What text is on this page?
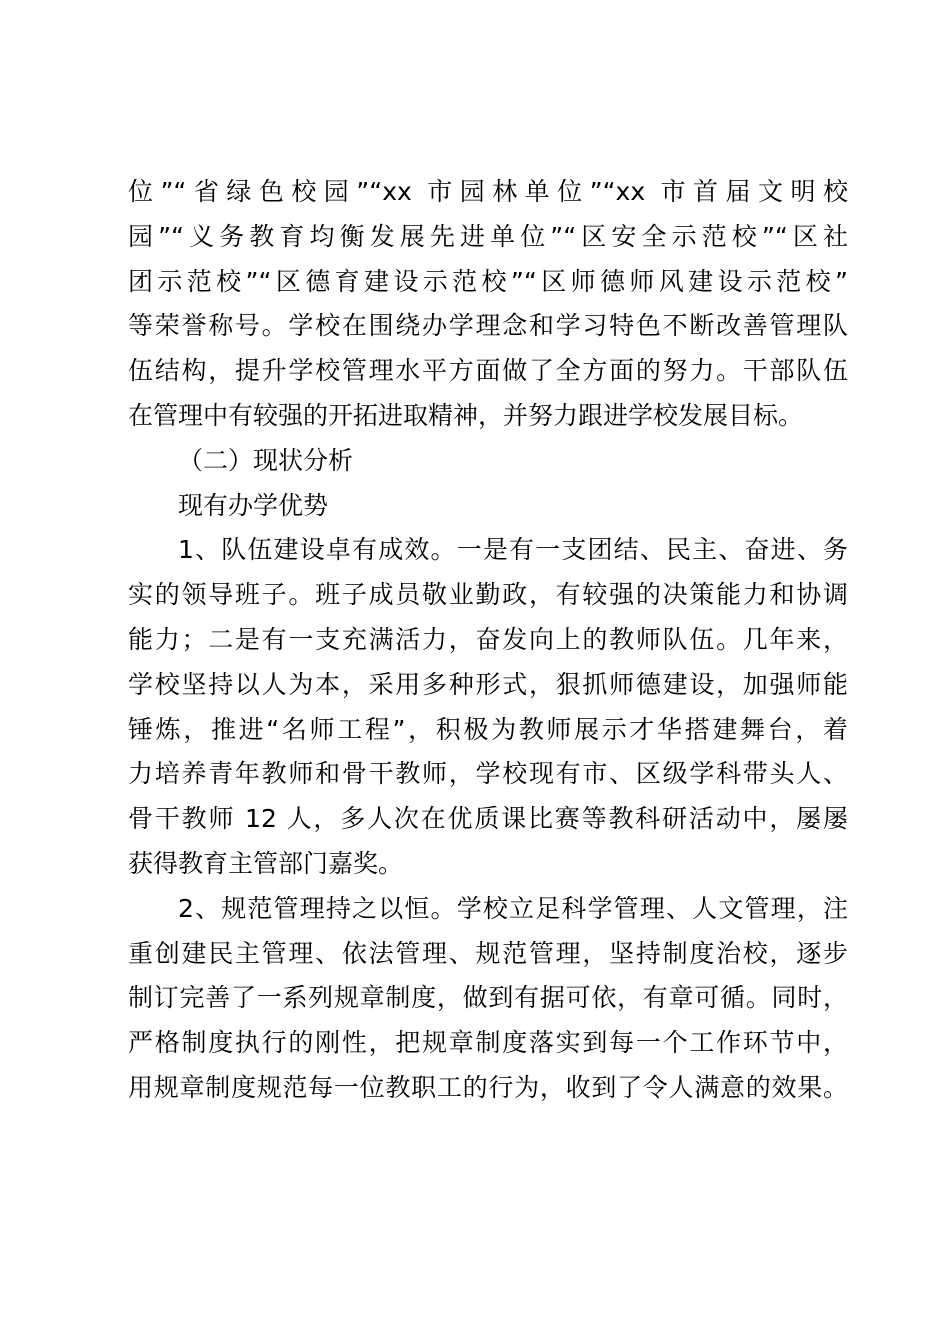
位”“省绿色校园”“xx 市园林单位”“xx 市首届文明校
园”“义务教育均衡发展先进单位”“区安全示范校”“区社
团示范校”“区德育建设示范校”“区师德师风建设示范校”
等荣誉称号。学校在围绕办学理念和学习特色不断改善管理队
伍结构，提升学校管理水平方面做了全方面的努力。干部队伍
在管理中有较强的开拓进取精神，并努力跟进学校发展目标。
（二）现状分析
现有办学优势
1、队伍建设卓有成效。一是有一支团结、民主、奋进、务
实的领导班子。班子成员敬业勤政，有较强的决策能力和协调
能力；二是有一支充满活力，奋发向上的教师队伍。几年来，
学校坚持以人为本，采用多种形式，狠抓师德建设，加强师能
锤炼，推进“名师工程”，积极为教师展示才华搭建舞台，着
力培养青年教师和骨干教师，学校现有市、区级学科带头人、
骨干教师 12 人，多人次在优质课比赛等教科研活动中，屡屡
获得教育主管部门嘉奖。
2、规范管理持之以恒。学校立足科学管理、人文管理，注
重创建民主管理、依法管理、规范管理，坚持制度治校，逐步
制订完善了一系列规章制度，做到有据可依，有章可循。同时，
严格制度执行的刚性，把规章制度落实到每一个工作环节中，
用规章制度规范每一位教职工的行为，收到了令人满意的效果。
